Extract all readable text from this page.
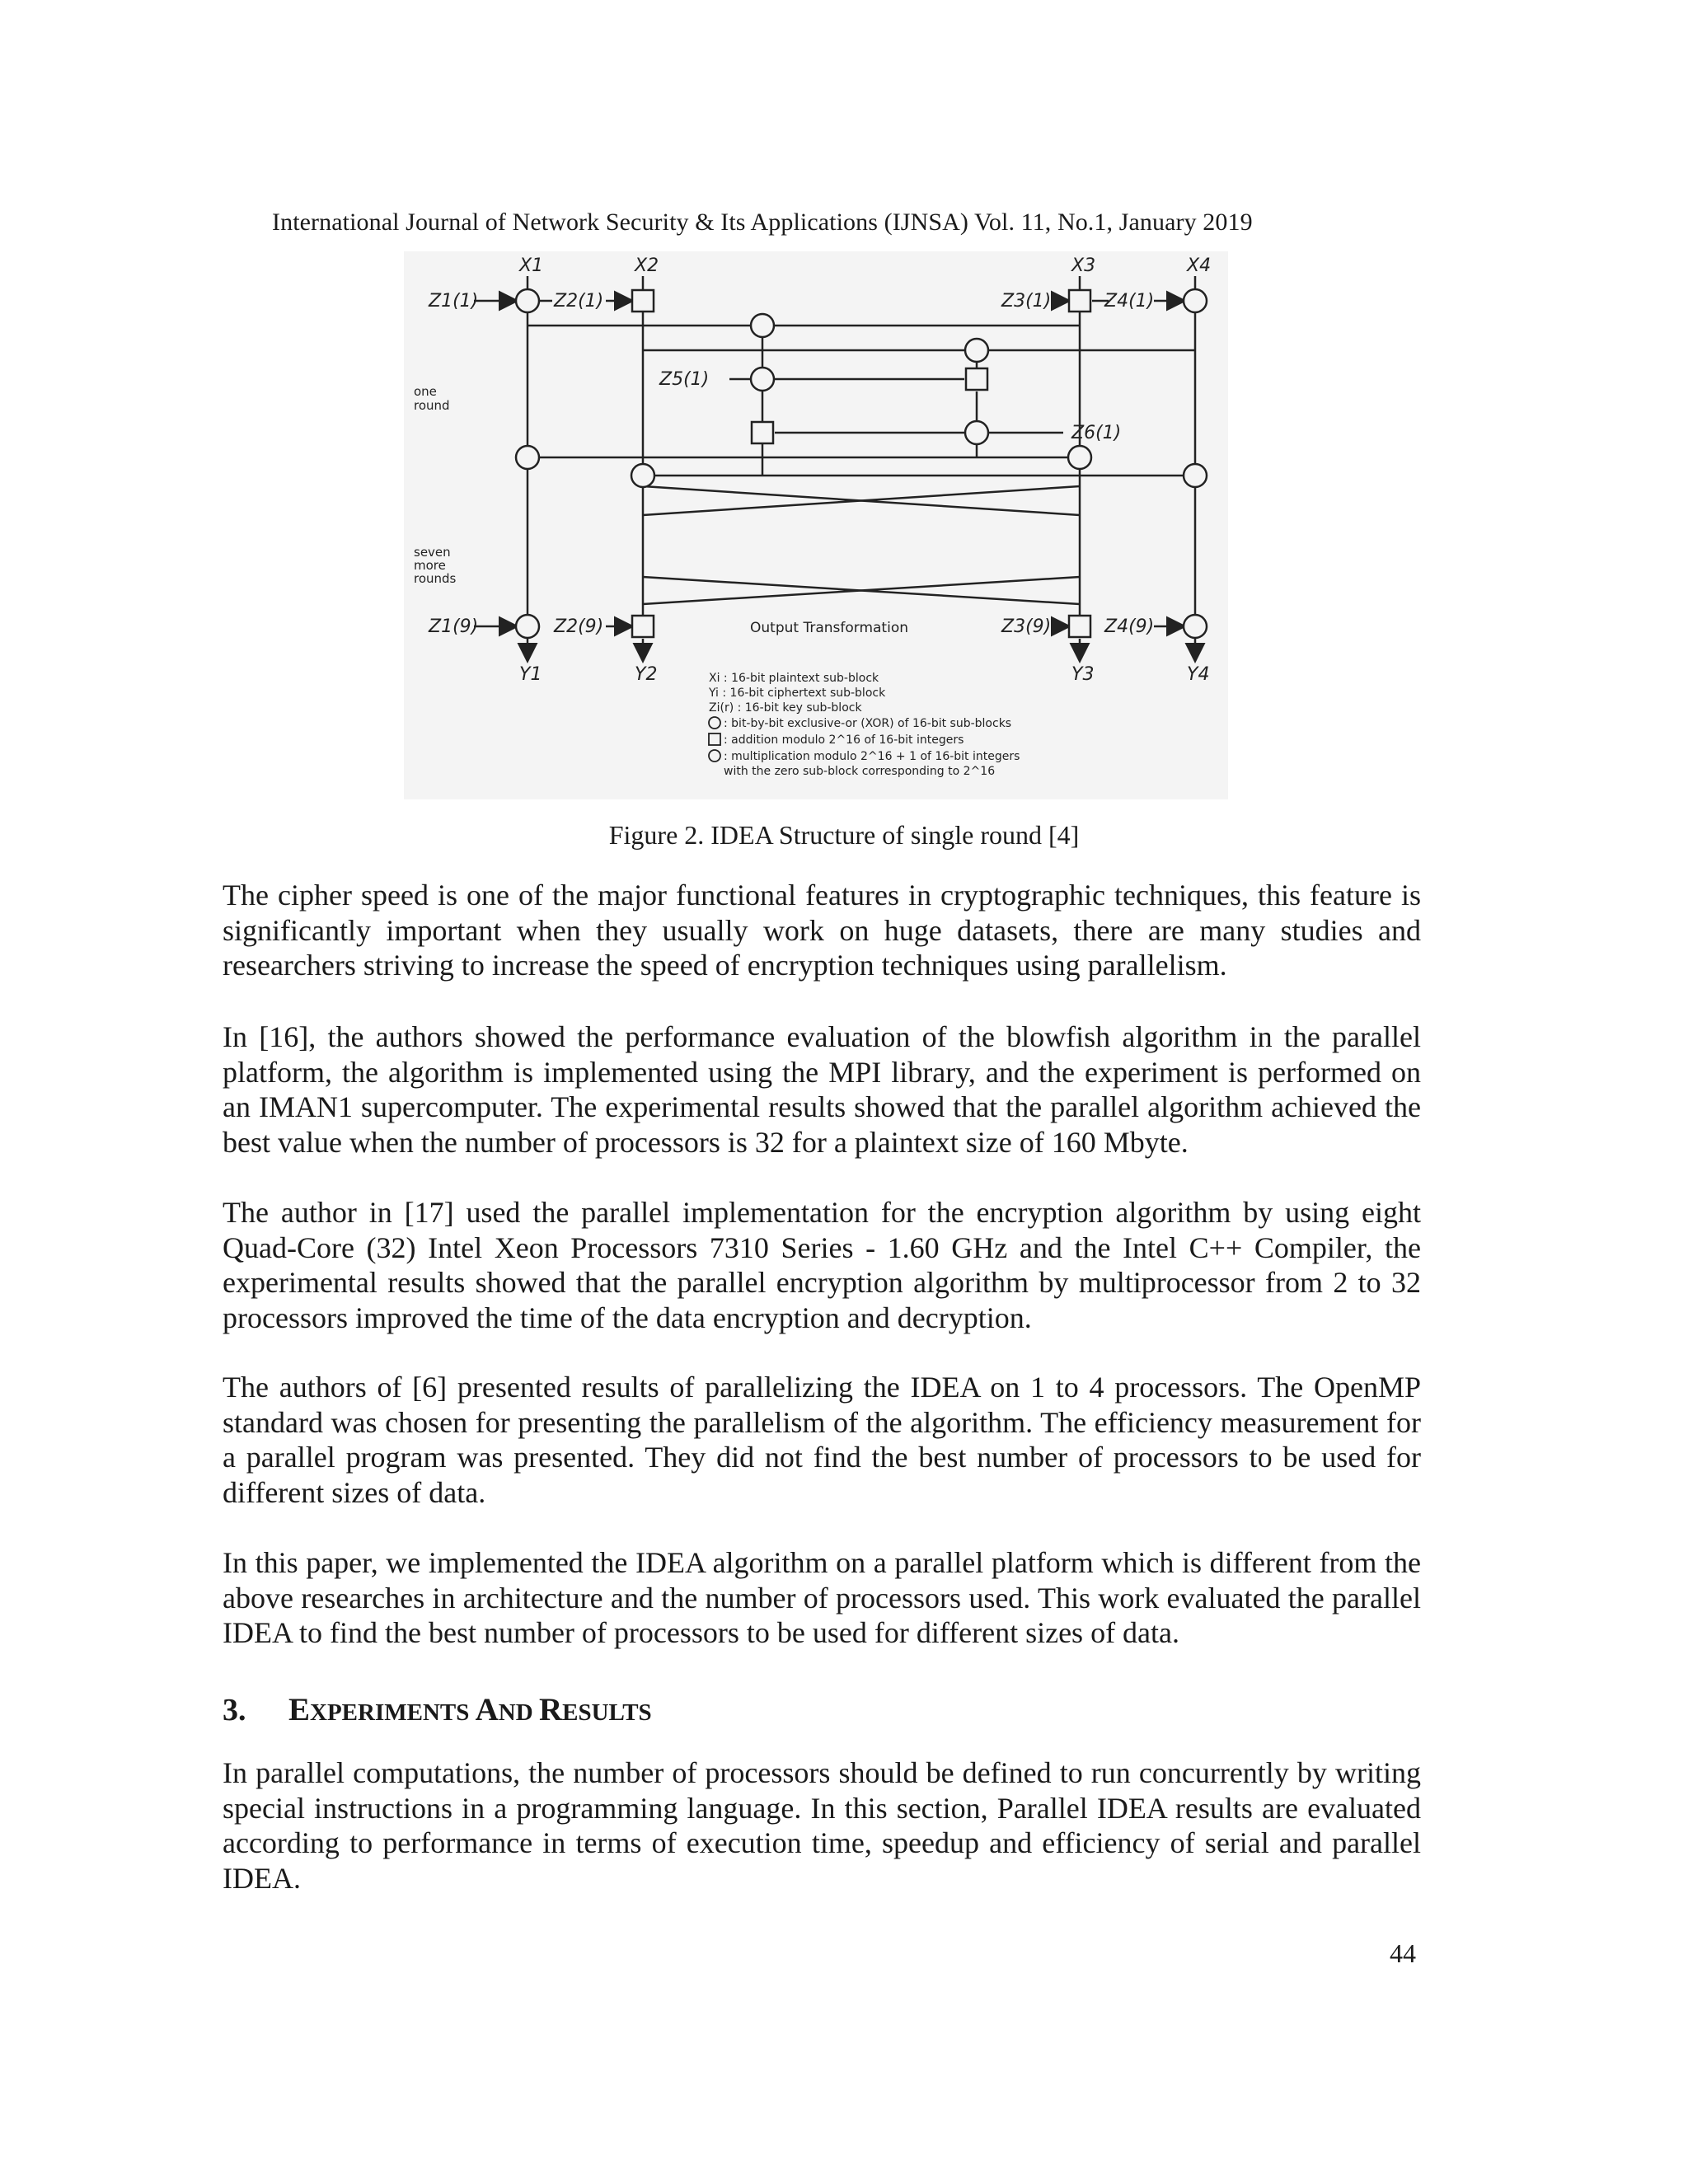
International Journal of Network Security & Its Applications (IJNSA) Vol. 11, No.1, January 2019
X1	X2	X3	X4
Z1(1)	Z2(1)	Z3(1)	Z4(1)
Z5(1)
Z6(1)
Z1(9)	Z2(9)	Z3(9)	Z4(9)
Y1	Y2	Y3	Y4
one
round
seven
more
rounds
Output Transformation
Xi : 16-bit plaintext sub-block
Yi : 16-bit ciphertext sub-block
Zi(r) : 16-bit key sub-block
: bit-by-bit exclusive-or (XOR) of 16-bit sub-blocks
: addition modulo 2^16 of 16-bit integers
: multiplication modulo 2^16 + 1 of 16-bit integers
with the zero sub-block corresponding to 2^16
Figure 2. IDEA Structure of single round [4]

The cipher speed is one of the major functional features in cryptographic techniques, this feature is significantly important when they usually work on huge datasets, there are many studies and researchers striving to increase the speed of encryption techniques using parallelism.

In [16], the authors showed the performance evaluation of the blowfish algorithm in the parallel platform, the algorithm is implemented using the MPI library, and the experiment is performed on an IMAN1 supercomputer. The experimental results showed that the parallel algorithm achieved the best value when the number of processors is 32 for a plaintext size of 160 Mbyte.

The author in [17] used the parallel implementation for the encryption algorithm by using eight Quad-Core (32) Intel Xeon Processors 7310 Series - 1.60 GHz and the Intel C++ Compiler, the experimental results showed that the parallel encryption algorithm by multiprocessor from 2 to 32 processors improved the time of the data encryption and decryption.

The authors of [6] presented results of parallelizing the IDEA on 1 to 4 processors. The OpenMP standard was chosen for presenting the parallelism of the algorithm. The efficiency measurement for a parallel program was presented. They did not find the best number of processors to be used for different sizes of data.

In this paper, we implemented the IDEA algorithm on a parallel platform which is different from the above researches in architecture and the number of processors used. This work evaluated the parallel IDEA to find the best number of processors to be used for different sizes of data.

3. EXPERIMENTS AND RESULTS

In parallel computations, the number of processors should be defined to run concurrently by writing special instructions in a programming language. In this section, Parallel IDEA results are evaluated according to performance in terms of execution time, speedup and efficiency of serial and parallel IDEA.

44
